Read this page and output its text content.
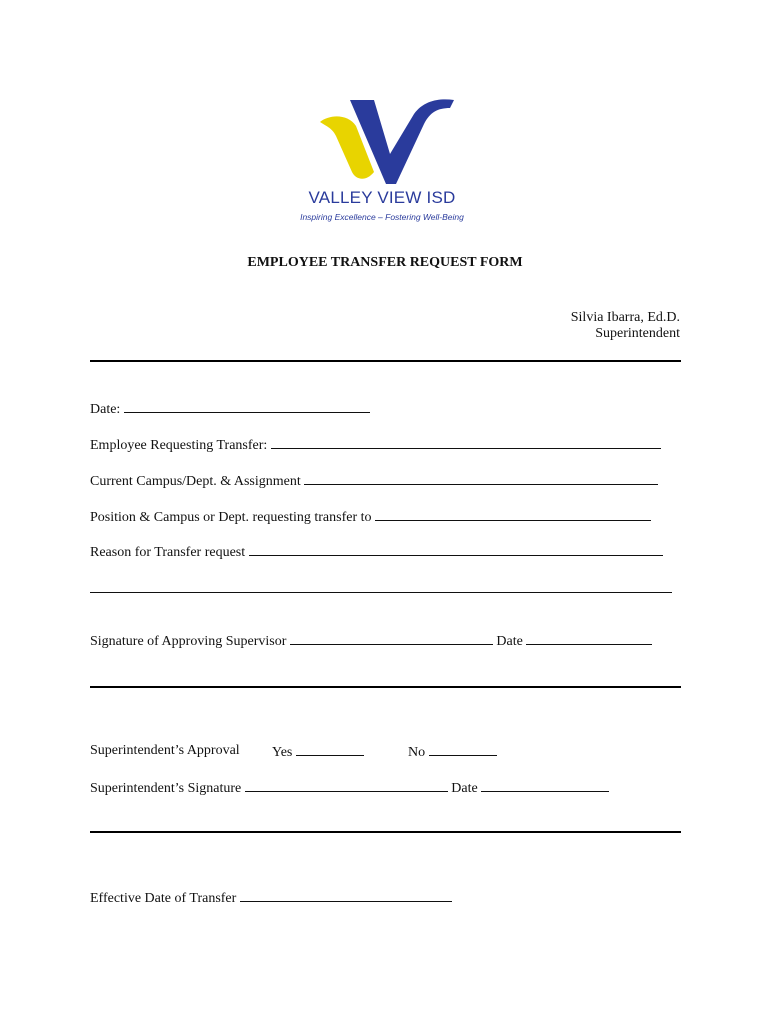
VALLEY VIEW ISD
Inspiring Excellence – Fostering Well-Being
EMPLOYEE TRANSFER REQUEST FORM
Silvia Ibarra, Ed.D.
Superintendent
Date:
Employee Requesting Transfer:
Current Campus/Dept. & Assignment
Position & Campus or Dept. requesting transfer to
Reason for Transfer request
Signature of Approving Supervisor	Date
Superintendent’s Approval Yes	No
Superintendent’s Signature	Date
Effective Date of Transfer
